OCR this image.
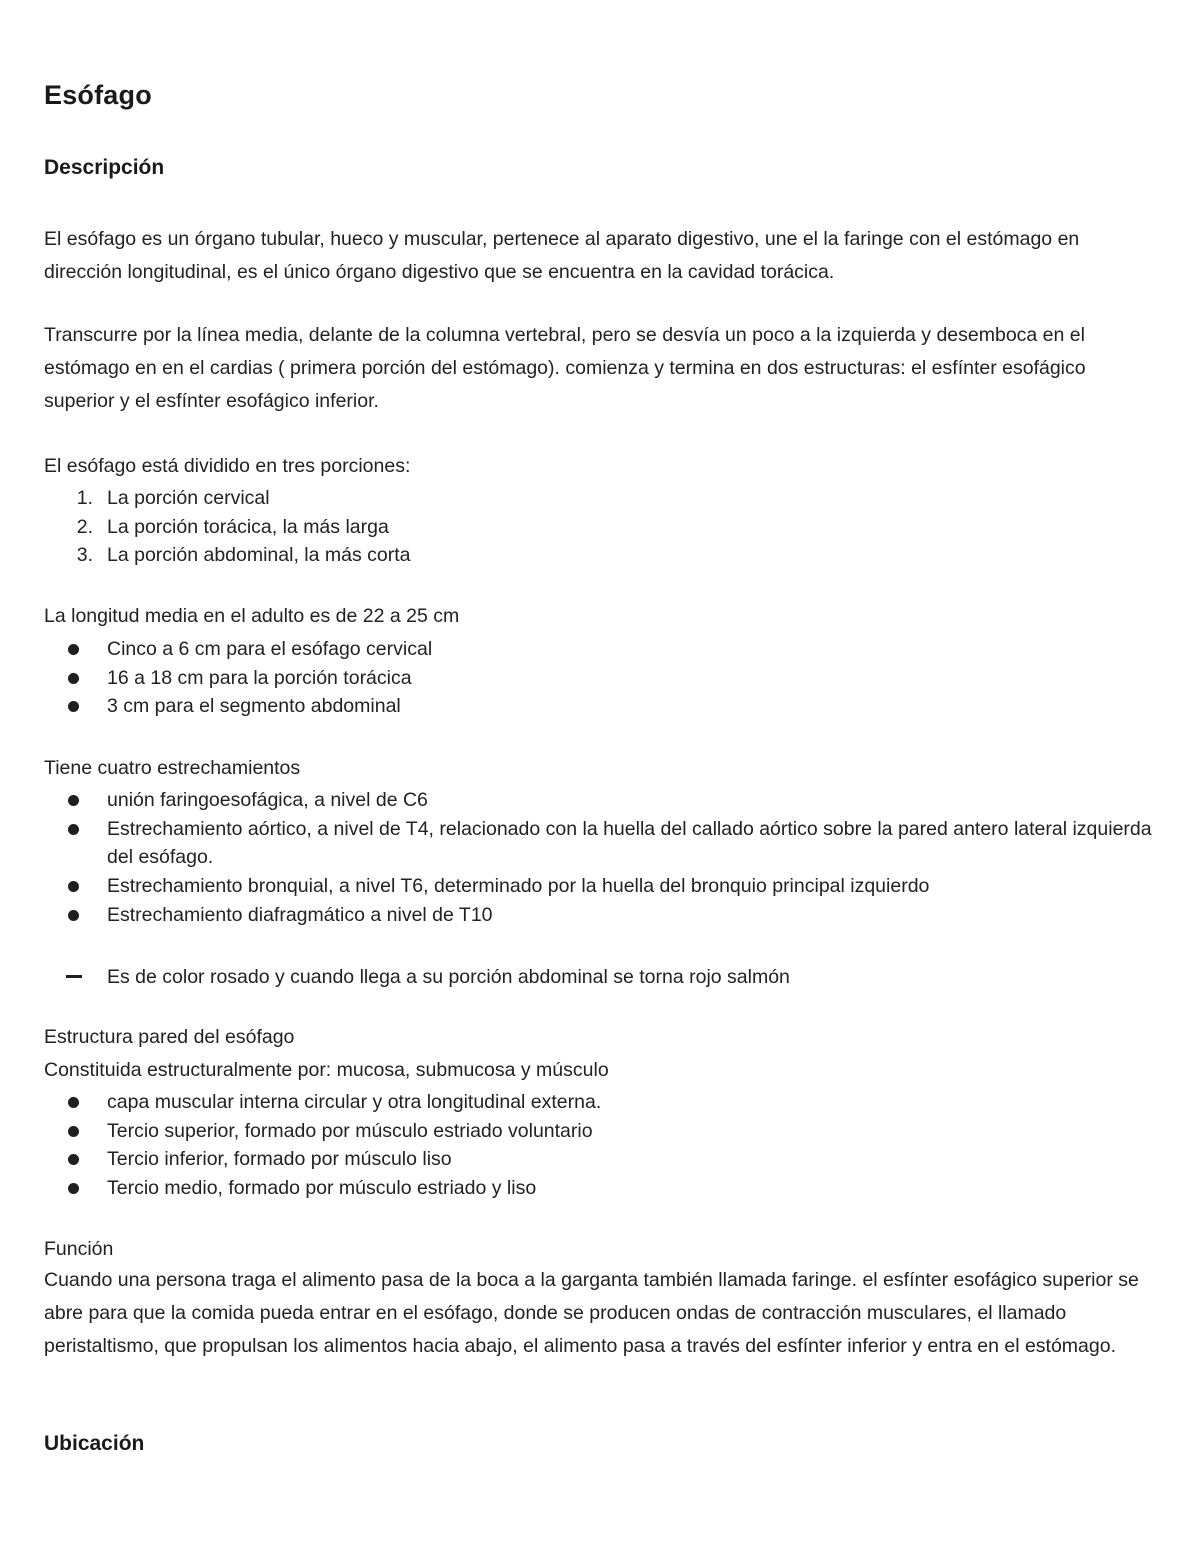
Esófago
Descripción

El esófago es un órgano tubular, hueco y muscular, pertenece al aparato digestivo, une el la faringe con el estómago en dirección longitudinal, es el único órgano digestivo que se encuentra en la cavidad torácica.

Transcurre por la línea media, delante de la columna vertebral, pero se desvía un poco a la izquierda y desemboca en el estómago en en el cardias ( primera porción del estómago). comienza y termina en dos estructuras: el esfínter esofágico superior y el esfínter esofágico inferior.

El esófago está dividido en tres porciones:

1. La porción cervical
2. La porción torácica, la más larga
3. La porción abdominal, la más corta

La longitud media en el adulto es de 22 a 25 cm

Cinco a 6 cm para el esófago cervical
16 a 18 cm para la porción torácica
3 cm para el segmento abdominal

Tiene cuatro estrechamientos

unión faringoesofágica, a nivel de C6
Estrechamiento aórtico, a nivel de T4, relacionado con la huella del callado aórtico sobre la pared antero lateral izquierda del esófago.
Estrechamiento bronquial, a nivel T6, determinado por la huella del bronquio principal izquierdo
Estrechamiento diafragmático a nivel de T10
Es de color rosado y cuando llega a su porción abdominal se torna rojo salmón

Estructura pared del esófago

Constituida estructuralmente por: mucosa, submucosa y músculo

capa muscular interna circular y otra longitudinal externa.
Tercio superior, formado por músculo estriado voluntario
Tercio inferior, formado por músculo liso
Tercio medio, formado por músculo estriado y liso

Función

Cuando una persona traga el alimento pasa de la boca a la garganta también llamada faringe. el esfínter esofágico superior se abre para que la comida pueda entrar en el esófago, donde se producen ondas de contracción musculares, el llamado peristaltismo, que propulsan los alimentos hacia abajo, el alimento pasa a través del esfínter inferior y entra en el estómago.

Ubicación
